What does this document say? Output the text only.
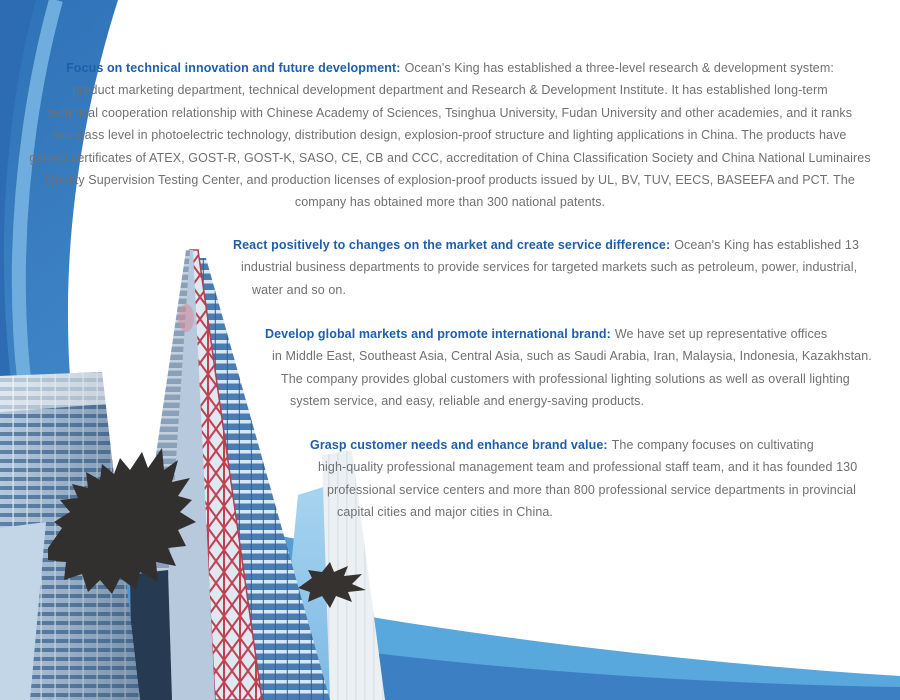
Focus on technical innovation and future development: Ocean's King has established a three-level research & development system:
product marketing department, technical development department and Research & Development Institute. It has established long-term
technical cooperation relationship with Chinese Academy of Sciences, Tsinghua University, Fudan University and other academies, and it ranks
top-class level in photoelectric technology, distribution design, explosion-proof structure and lighting applications in China. The products have
gained certificates of ATEX, GOST-R, GOST-K, SASO, CE, CB and CCC, accreditation of China Classification Society and China National Luminaires
Quality Supervision Testing Center, and production licenses of explosion-proof products issued by UL, BV, TUV, EECS, BASEEFA and PCT. The
company has obtained more than 300 national patents.
React positively to changes on the market and create service difference: Ocean's King has established 13
industrial business departments to provide services for targeted markets such as petroleum, power, industrial,
water and so on.
Develop global markets and promote international brand: We have set up representative offices
in Middle East, Southeast Asia, Central Asia, such as Saudi Arabia, Iran, Malaysia, Indonesia, Kazakhstan.
The company provides global customers with professional lighting solutions as well as overall lighting
system service, and easy, reliable and energy-saving products.
Grasp customer needs and enhance brand value: The company focuses on cultivating
high-quality professional management team and professional staff team, and it has founded 130
professional service centers and more than 800 professional service departments in provincial
capital cities and major cities in China.
